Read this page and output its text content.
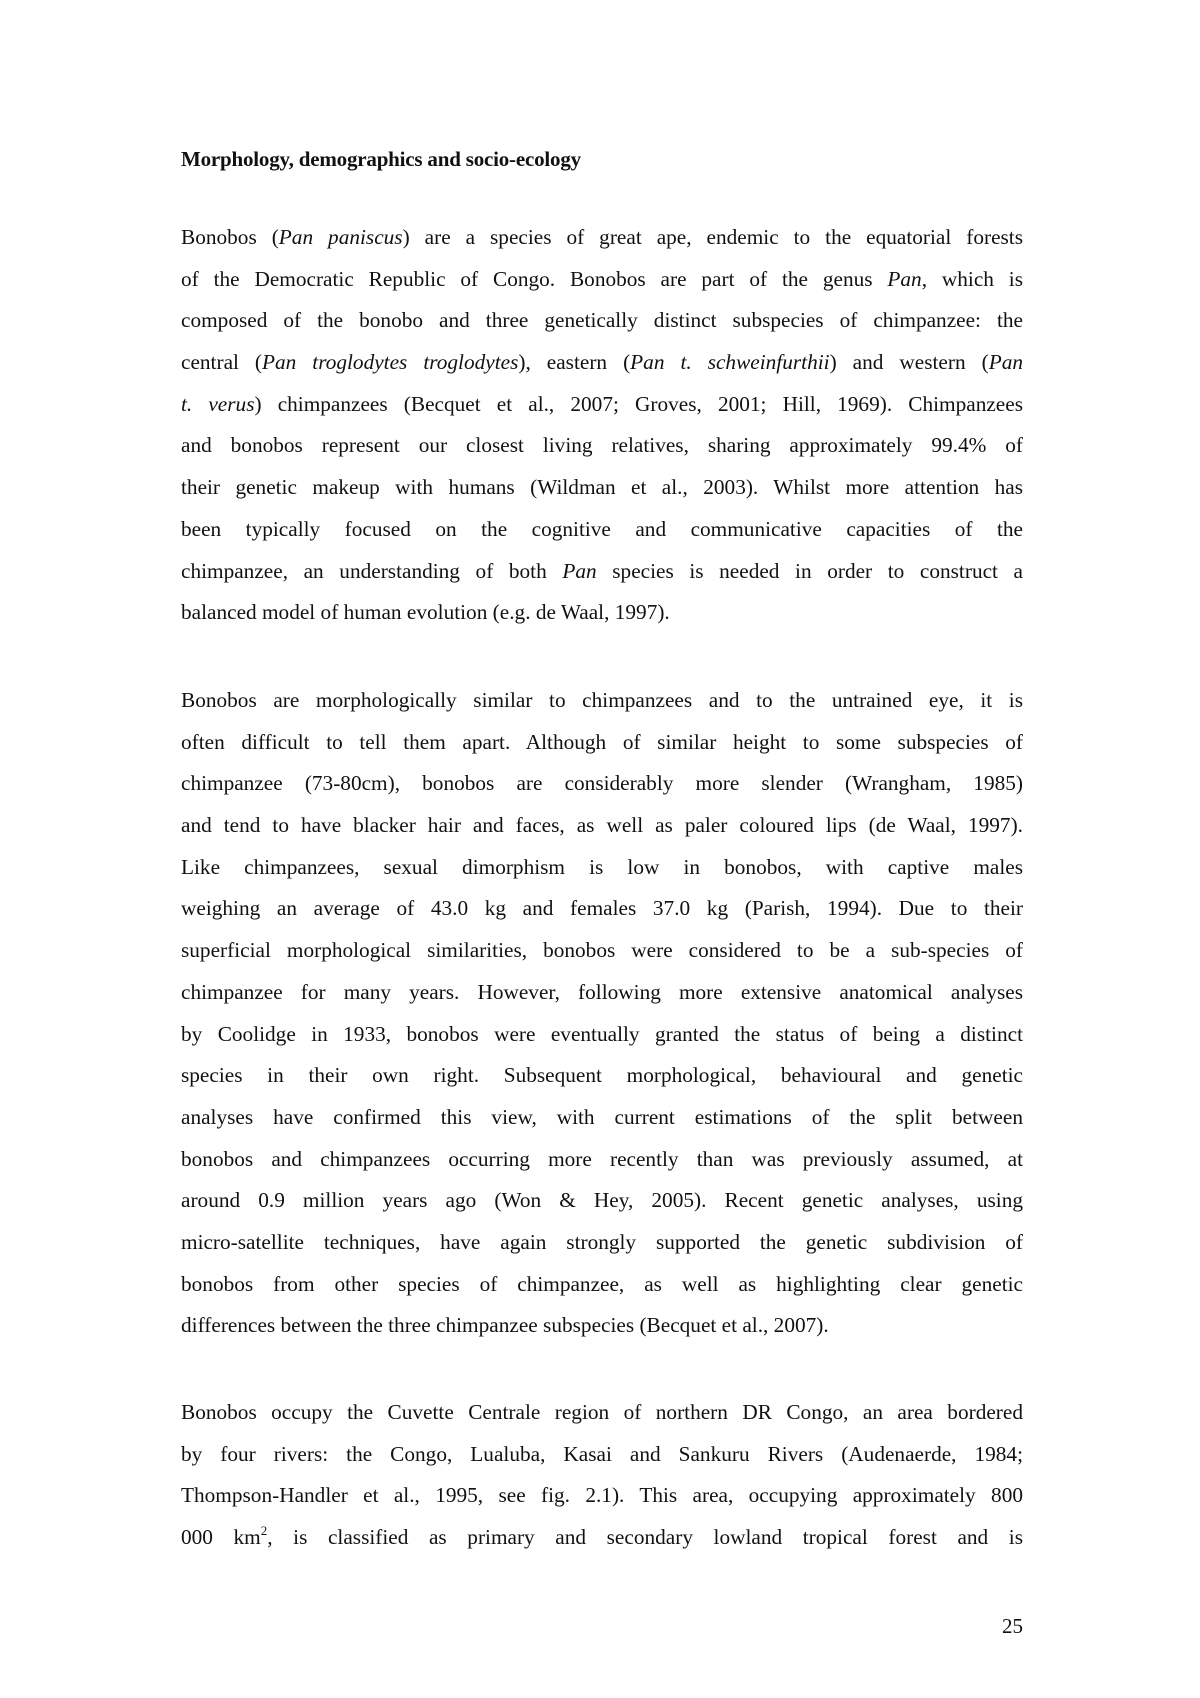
Morphology, demographics and socio-ecology
Bonobos (Pan paniscus) are a species of great ape, endemic to the equatorial forests
of the Democratic Republic of Congo. Bonobos are part of the genus Pan, which is
composed of the bonobo and three genetically distinct subspecies of chimpanzee: the
central (Pan troglodytes troglodytes), eastern (Pan t. schweinfurthii) and western (Pan
t. verus) chimpanzees (Becquet et al., 2007; Groves, 2001; Hill, 1969). Chimpanzees
and bonobos represent our closest living relatives, sharing approximately 99.4% of
their genetic makeup with humans (Wildman et al., 2003). Whilst more attention has
been typically focused on the cognitive and communicative capacities of the
chimpanzee, an understanding of both Pan species is needed in order to construct a
balanced model of human evolution (e.g. de Waal, 1997).
Bonobos are morphologically similar to chimpanzees and to the untrained eye, it is
often difficult to tell them apart. Although of similar height to some subspecies of
chimpanzee (73-80cm), bonobos are considerably more slender (Wrangham, 1985)
and tend to have blacker hair and faces, as well as paler coloured lips (de Waal, 1997).
Like chimpanzees, sexual dimorphism is low in bonobos, with captive males
weighing an average of 43.0 kg and females 37.0 kg (Parish, 1994). Due to their
superficial morphological similarities, bonobos were considered to be a sub-species of
chimpanzee for many years. However, following more extensive anatomical analyses
by Coolidge in 1933, bonobos were eventually granted the status of being a distinct
species in their own right. Subsequent morphological, behavioural and genetic
analyses have confirmed this view, with current estimations of the split between
bonobos and chimpanzees occurring more recently than was previously assumed, at
around 0.9 million years ago (Won & Hey, 2005). Recent genetic analyses, using
micro-satellite techniques, have again strongly supported the genetic subdivision of
bonobos from other species of chimpanzee, as well as highlighting clear genetic
differences between the three chimpanzee subspecies (Becquet et al., 2007).
Bonobos occupy the Cuvette Centrale region of northern DR Congo, an area bordered
by four rivers: the Congo, Lualuba, Kasai and Sankuru Rivers (Audenaerde, 1984;
Thompson-Handler et al., 1995, see fig. 2.1). This area, occupying approximately 800
000 $km^2$, is classified as primary and secondary lowland tropical forest and is

25
